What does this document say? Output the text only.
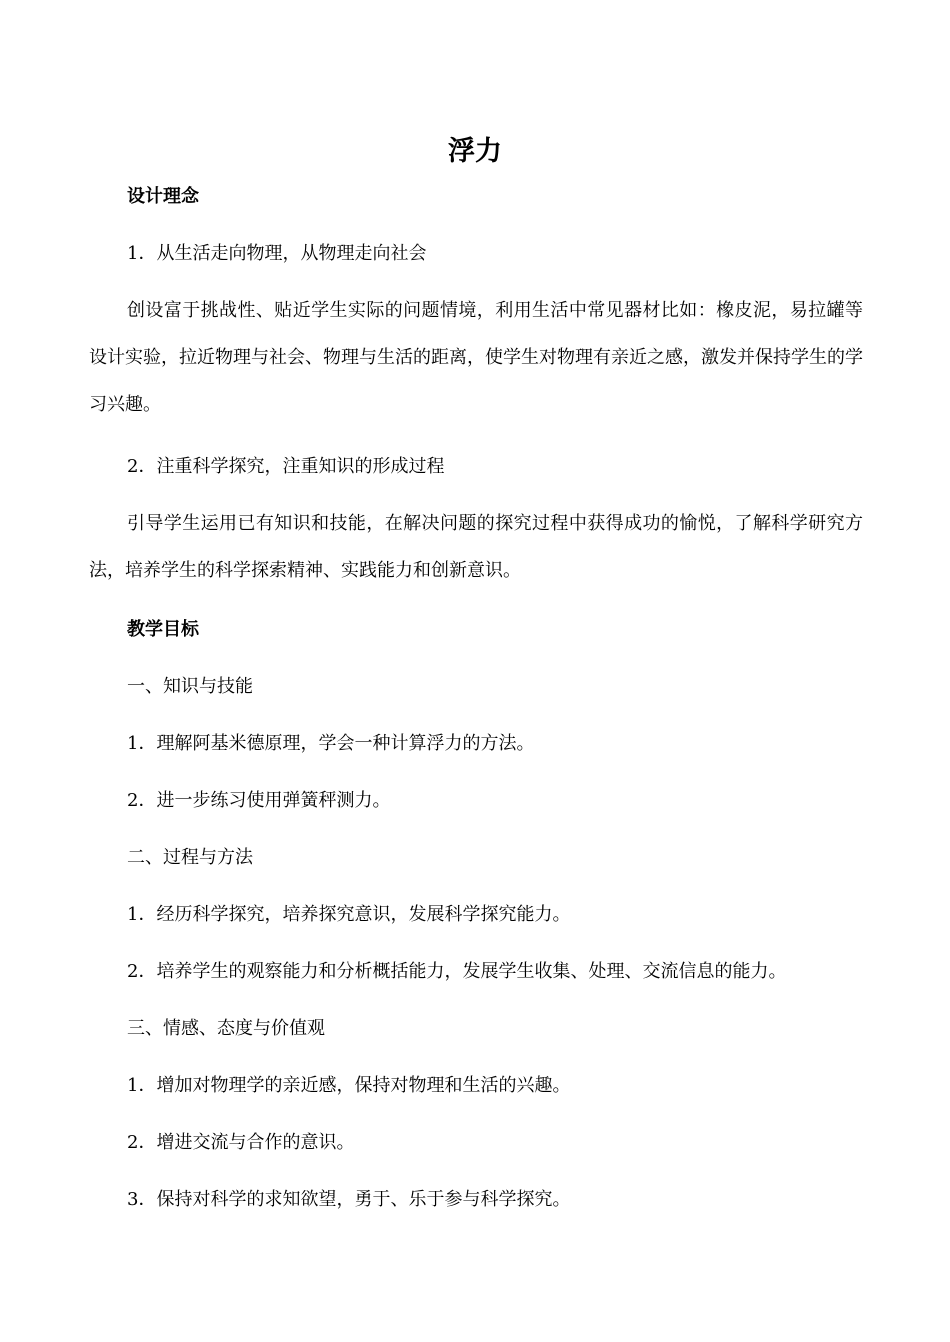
浮力
设计理念
1．从生活走向物理，从物理走向社会
创设富于挑战性、贴近学生实际的问题情境，利用生活中常见器材比如：橡皮泥，易拉罐等设计实验，拉近物理与社会、物理与生活的距离，使学生对物理有亲近之感，激发并保持学生的学习兴趣。
2．注重科学探究，注重知识的形成过程
引导学生运用已有知识和技能，在解决问题的探究过程中获得成功的愉悦，了解科学研究方法，培养学生的科学探索精神、实践能力和创新意识。
教学目标
一、知识与技能
1．理解阿基米德原理，学会一种计算浮力的方法。
2．进一步练习使用弹簧秤测力。
二、过程与方法
1．经历科学探究，培养探究意识，发展科学探究能力。
2．培养学生的观察能力和分析概括能力，发展学生收集、处理、交流信息的能力。
三、情感、态度与价值观
1．增加对物理学的亲近感，保持对物理和生活的兴趣。
2．增进交流与合作的意识。
3．保持对科学的求知欲望，勇于、乐于参与科学探究。
